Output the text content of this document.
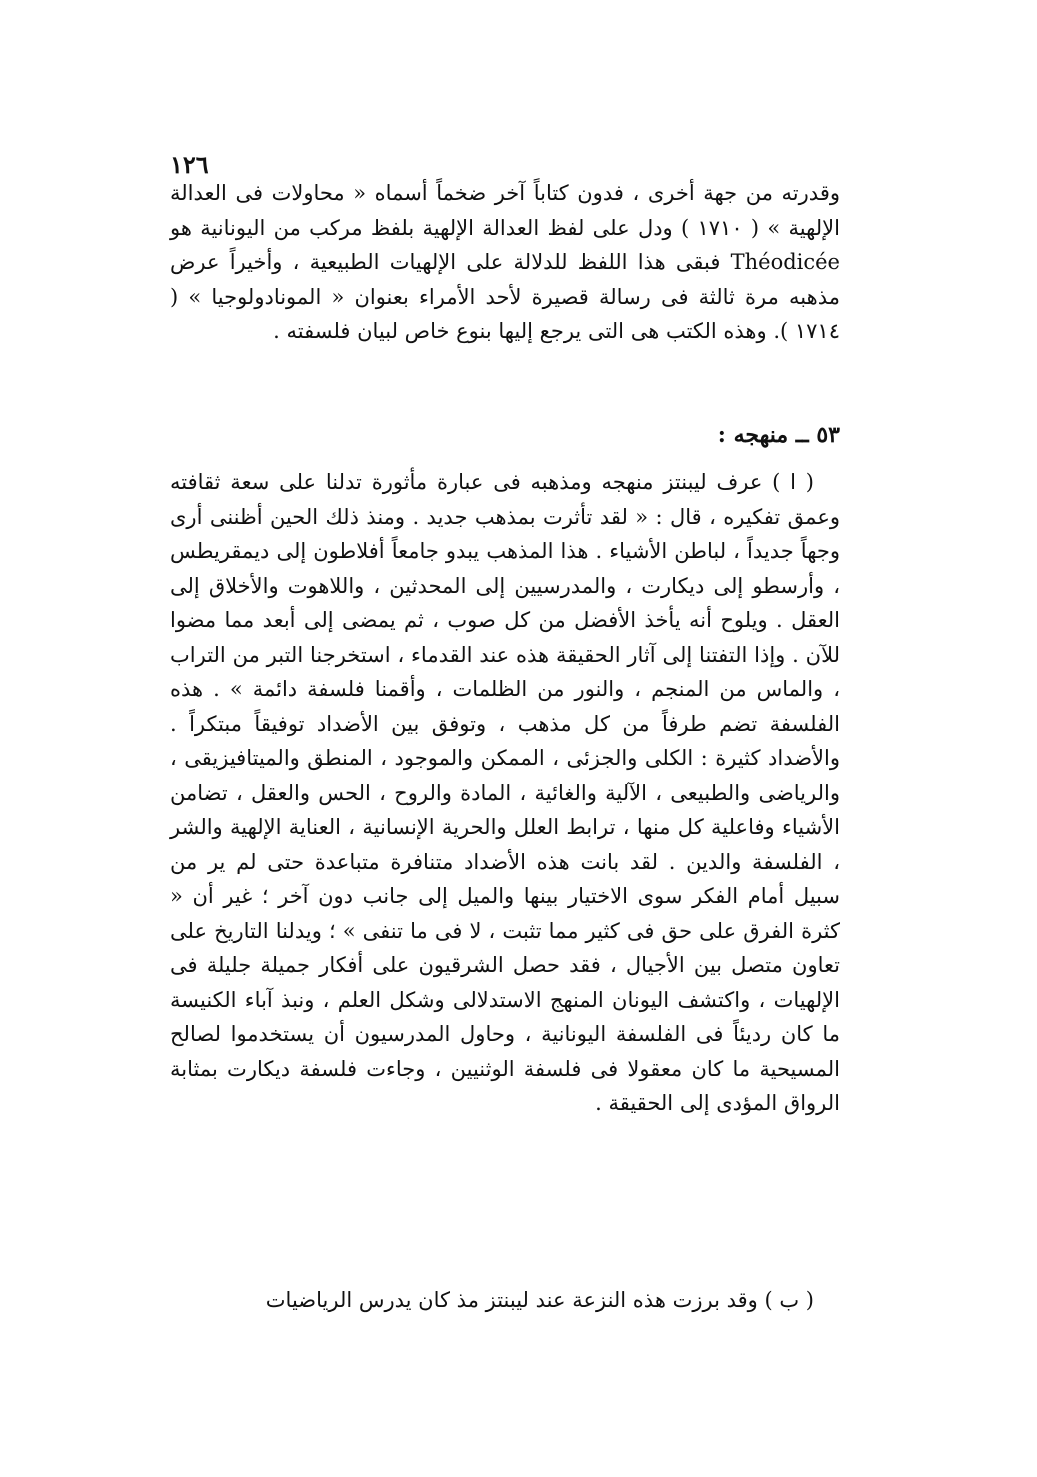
١٢٦
وقدرته من جهة أخرى ، فدون كتاباً آخر ضخماً أسماه « محاولات فى العدالة الإلهية » ( ١٧١٠ ) ودل على لفظ العدالة الإلهية بلفظ مركب من اليونانية هو Théodicée فبقى هذا اللفظ للدلالة على الإلهيات الطبيعية ، وأخيراً عرض مذهبه مرة ثالثة فى رسالة قصيرة لأحد الأمراء بعنوان « المونادولوجيا » ( ١٧١٤ ). وهذه الكتب هى التى يرجع إليها بنوع خاص لبيان فلسفته .
٥٣ ــ منهجه :
( ا ) عرف ليبنتز منهجه ومذهبه فى عبارة مأثورة تدلنا على سعة ثقافته وعمق تفكيره ، قال : « لقد تأثرت بمذهب جديد . ومنذ ذلك الحين أظننى أرى وجهاً جديداً ، لباطن الأشياء . هذا المذهب يبدو جامعاً أفلاطون إلى ديمقريطس ، وأرسطو إلى ديكارت ، والمدرسيين إلى المحدثين ، واللاهوت والأخلاق إلى العقل . ويلوح أنه يأخذ الأفضل من كل صوب ، ثم يمضى إلى أبعد مما مضوا للآن . وإذا التفتنا إلى آثار الحقيقة هذه عند القدماء ، استخرجنا التبر من التراب ، والماس من المنجم ، والنور من الظلمات ، وأقمنا فلسفة دائمة » . هذه الفلسفة تضم طرفاً من كل مذهب ، وتوفق بين الأضداد توفيقاً مبتكراً . والأضداد كثيرة : الكلى والجزئى ، الممكن والموجود ، المنطق والميتافيزيقى ، والرياضى والطبيعى ، الآلية والغائية ، المادة والروح ، الحس والعقل ، تضامن الأشياء وفاعلية كل منها ، ترابط العلل والحرية الإنسانية ، العناية الإلهية والشر ، الفلسفة والدين . لقد بانت هذه الأضداد متنافرة متباعدة حتى لم ير من سبيل أمام الفكر سوى الاختيار بينها والميل إلى جانب دون آخر ؛ غير أن « كثرة الفرق على حق فى كثير مما تثبت ، لا فى ما تنفى » ؛ ويدلنا التاريخ على تعاون متصل بين الأجيال ، فقد حصل الشرقيون على أفكار جميلة جليلة فى الإلهيات ، واكتشف اليونان المنهج الاستدلالى وشكل العلم ، ونبذ آباء الكنيسة ما كان رديئاً فى الفلسفة اليونانية ، وحاول المدرسيون أن يستخدموا لصالح المسيحية ما كان معقولا فى فلسفة الوثنيين ، وجاءت فلسفة ديكارت بمثابة الرواق المؤدى إلى الحقيقة .
( ب ) وقد برزت هذه النزعة عند ليبنتز مذ كان يدرس الرياضيات
